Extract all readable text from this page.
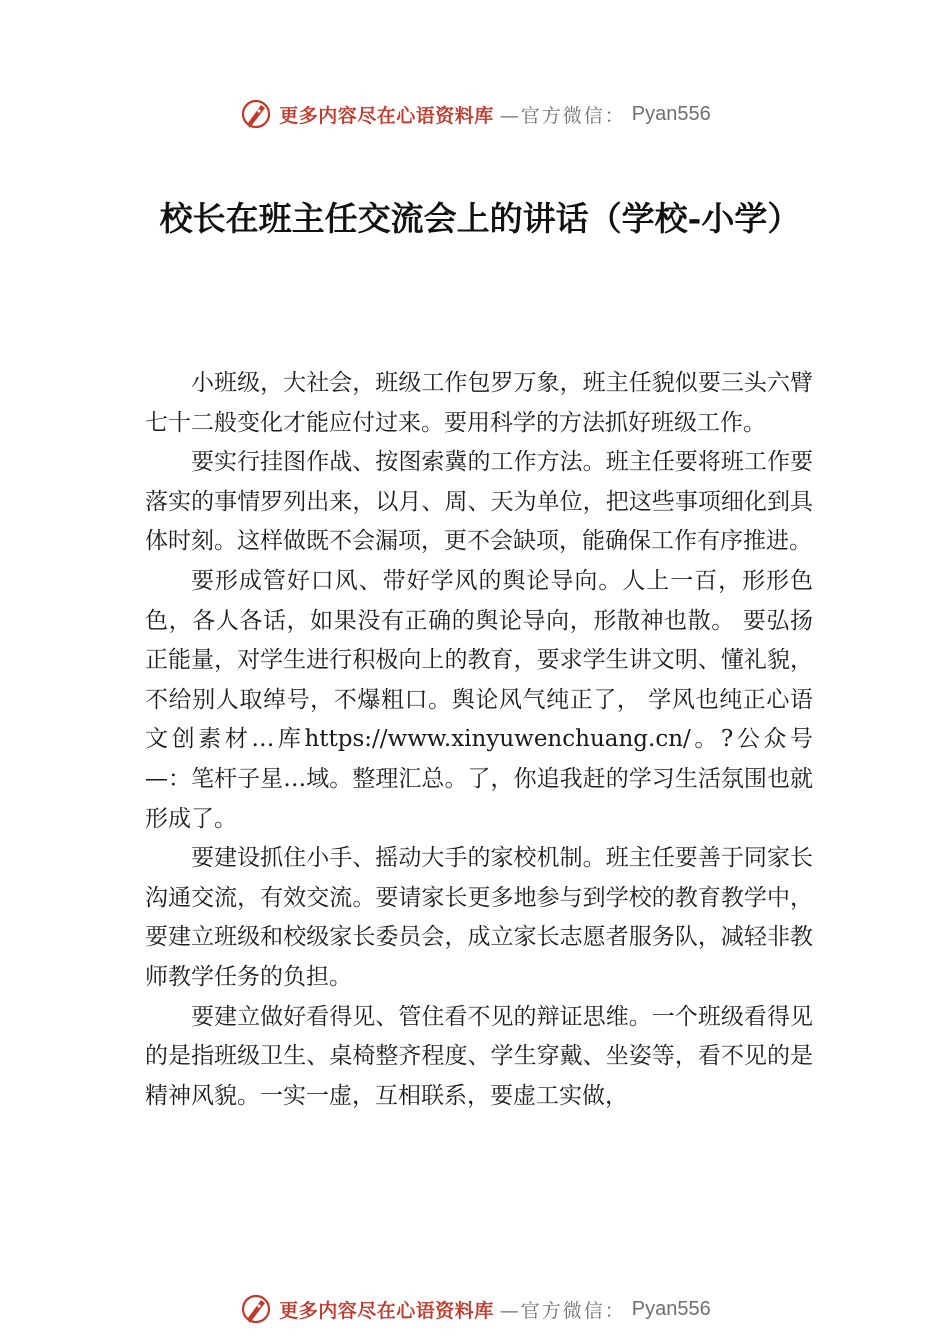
更多内容尽在心语资料库 —官方微信： Pyan556
校长在班主任交流会上的讲话（学校-小学）

小班级，大社会，班级工作包罗万象，班主任貌似要三头六臂七十二般变化才能应付过来。要用科学的方法抓好班级工作。

要实行挂图作战、按图索冀的工作方法。班主任要将班工作要落实的事情罗列出来，以月、周、天为单位，把这些事项细化到具体时刻。这样做既不会漏项，更不会缺项，能确保工作有序推进。

要形成管好口风、带好学风的舆论导向。人上一百，形形色色，各人各话，如果没有正确的舆论导向，形散神也散。 要弘扬正能量，对学生进行积极向上的教育，要求学生讲文明、懂礼貌，不给别人取绰号，不爆粗口。舆论风气纯正了， 学风也纯正心语文创素材…库https://www.xinyuwenchuang.cn/。?公众号—：笔杆子星…域。整理汇总。了，你追我赶的学习生活氛围也就形成了。

要建设抓住小手、摇动大手的家校机制。班主任要善于同家长沟通交流，有效交流。要请家长更多地参与到学校的教育教学中，要建立班级和校级家长委员会，成立家长志愿者服务队，减轻非教师教学任务的负担。

要建立做好看得见、管住看不见的辩证思维。一个班级看得见的是指班级卫生、桌椅整齐程度、学生穿戴、坐姿等，看不见的是精神风貌。一实一虚，互相联系，要虚工实做，

更多内容尽在心语资料库 —官方微信： Pyan556
